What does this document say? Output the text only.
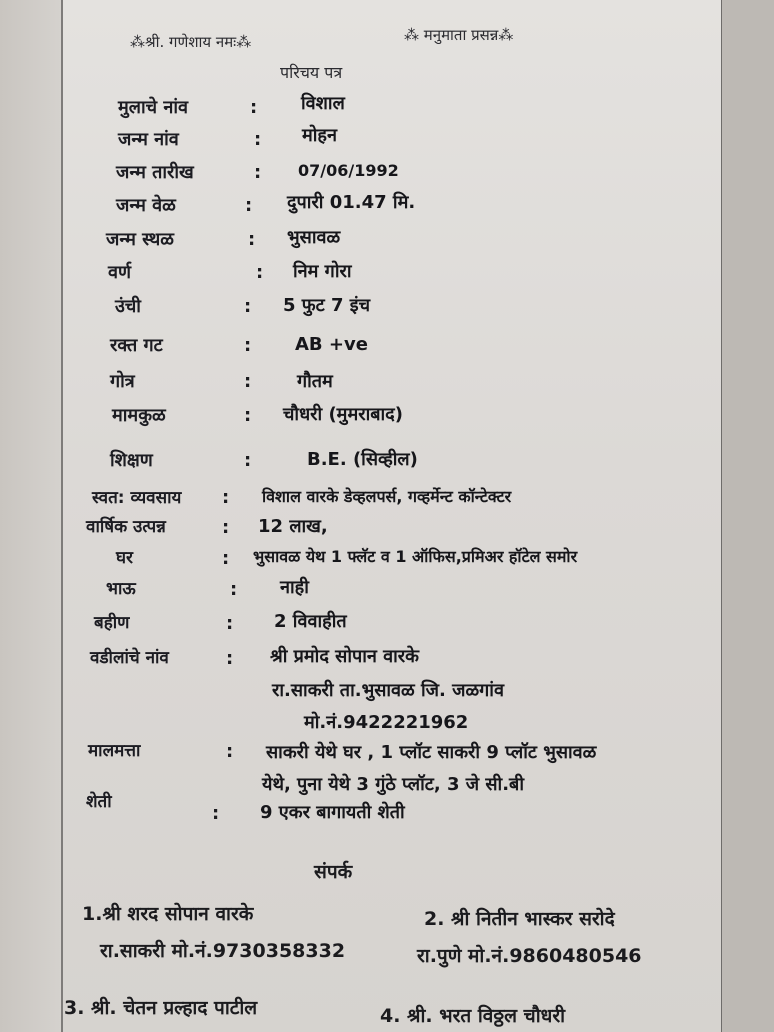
⁂श्री. गणेशाय नमः⁂	⁂ मनुमाता प्रसन्न⁂
परिचय पत्र
मुलाचे नांव	: विशाल
जन्म नांव	: मोहन
जन्म तारीख	: 07/06/1992
जन्म वेळ	: दुपारी 01.47 मि.
जन्म स्थळ	: भुसावळ
वर्ण	: निम गोरा
उंची	: 5 फुट 7 इंच
रक्त गट	: AB +ve
गोत्र	:	गौतम
मामकुळ	: चौधरी (मुमराबाद)
शिक्षण	:	B.E. (सिव्हील)
स्वत: व्यवसाय : विशाल वारके डेव्हलपर्स, गव्हर्मेन्ट कॉन्टेक्टर
वार्षिक उत्पन्न	: 12 लाख,
घर	: भुसावळ येथ 1 फ्लॅट व 1 ऑफिस,प्रमिअर हॉटेल समोर
भाऊ	: नाही
बहीण	: 2 विवाहीत
वडीलांचे नांव	: श्री प्रमोद सोपान वारके
रा.साकरी ता.भुसावळ जि. जळगांव
मो.नं.9422221962
मालमत्ता	: साकरी येथे घर , 1 प्लॉट साकरी 9 प्लॉट भुसावळ
येथे, पुना येथे 3 गुंठे प्लॉट, 3 जे सी.बी
शेती
: 9 एकर बागायती शेती
संपर्क
1.श्री शरद सोपान वारके
रा.साकरी मो.नं.9730358332
2. श्री नितीन भास्कर सरोदे
रा.पुणे मो.नं.9860480546
3. श्री. चेतन प्रल्हाद पाटील	4. श्री. भरत विठ्ठल चौधरी
